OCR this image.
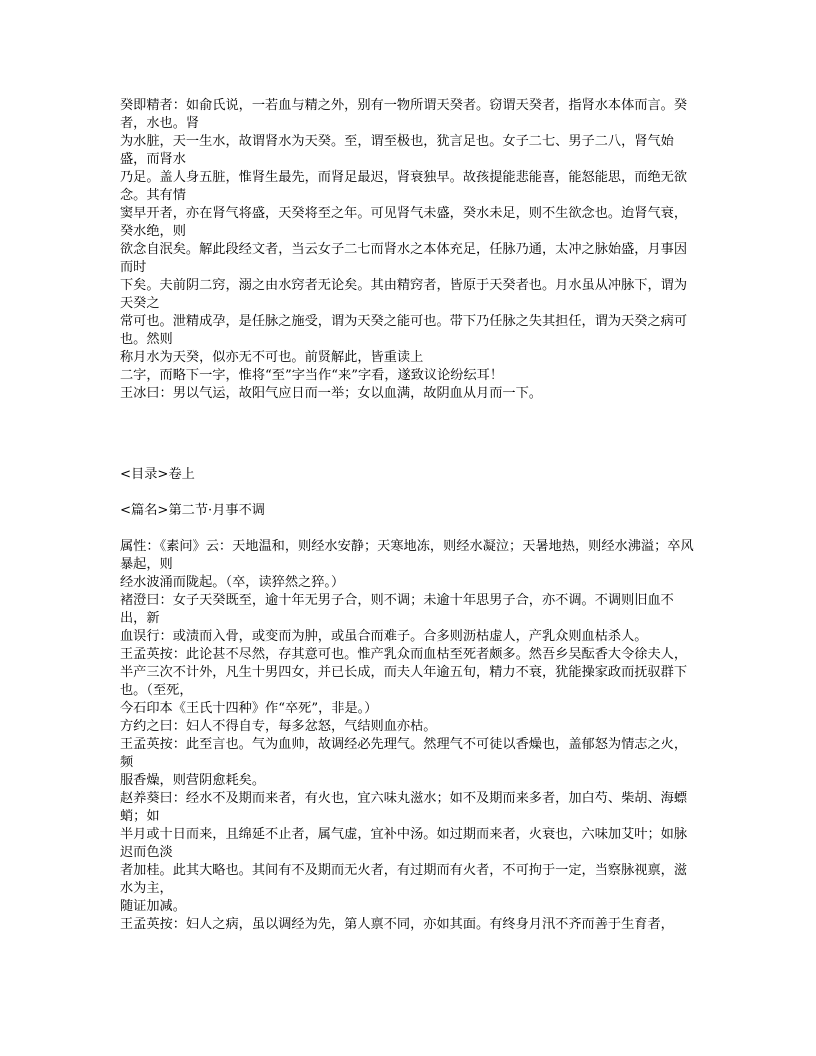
癸即精者：如俞氏说，一若血与精之外，别有一物所谓天癸者。窃谓天癸者，指肾水本体而言。癸者，水也。肾

为水脏，天一生水，故谓肾水为天癸。至，谓至极也，犹言足也。女子二七、男子二八，肾气始盛，而肾水

乃足。盖人身五脏，惟肾生最先，而肾足最迟，肾衰独早。故孩提能悲能喜，能怒能思，而绝无欲念。其有情

窦早开者，亦在肾气将盛，天癸将至之年。可见肾气未盛，癸水未足，则不生欲念也。迨肾气衰，癸水绝，则

欲念自泯矣。解此段经文者，当云女子二七而肾水之本体充足，任脉乃通，太冲之脉始盛，月事因而时

下矣。夫前阴二窍，溺之由水窍者无论矣。其由精窍者，皆原于天癸者也。月水虽从冲脉下，谓为天癸之

常可也。泄精成孕，是任脉之施受，谓为天癸之能可也。带下乃任脉之失其担任，谓为天癸之病可也。然则

称月水为天癸，似亦无不可也。前贤解此，皆重读上

二字，而略下一字，惟将“至”字当作“来”字看，遂致议论纷纭耳！

王冰曰：男以气运，故阳气应日而一举；女以血满，故阴血从月而一下。

<目录>卷上

<篇名>第二节·月事不调

属性：《素问》云：天地温和，则经水安静；天寒地冻，则经水凝泣；天暑地热，则经水沸溢；卒风暴起，则

经水波涌而陇起。（卒，读猝然之猝。）

褚澄曰：女子天癸既至，逾十年无男子合，则不调；未逾十年思男子合，亦不调。不调则旧血不出，新

血误行：或渍而入骨，或变而为肿，或虽合而难子。合多则沥枯虚人，产乳众则血枯杀人。

王孟英按：此论甚不尽然，存其意可也。惟产乳众而血枯至死者颇多。然吾乡吴酝香大令徐夫人，

半产三次不计外，凡生十男四女，并已长成，而夫人年逾五旬，精力不衰，犹能操家政而抚驭群下也。（至死，

今石印本《王氏十四种》作“卒死”，非是。）

方约之曰：妇人不得自专，每多忿怒，气结则血亦枯。

王孟英按：此至言也。气为血帅，故调经必先理气。然理气不可徒以香燥也，盖郁怒为情志之火，频

服香燥，则营阴愈耗矣。

赵养葵曰：经水不及期而来者，有火也，宜六味丸滋水；如不及期而来多者，加白芍、柴胡、海螵蛸；如

半月或十日而来，且绵延不止者，属气虚，宜补中汤。如过期而来者，火衰也，六味加艾叶；如脉迟而色淡

者加桂。此其大略也。其间有不及期而无火者，有过期而有火者，不可拘于一定，当察脉视禀，滋水为主，

随证加减。

王孟英按：妇人之病，虽以调经为先，第人禀不同，亦如其面。有终身月汛不齐而善于生育者，
